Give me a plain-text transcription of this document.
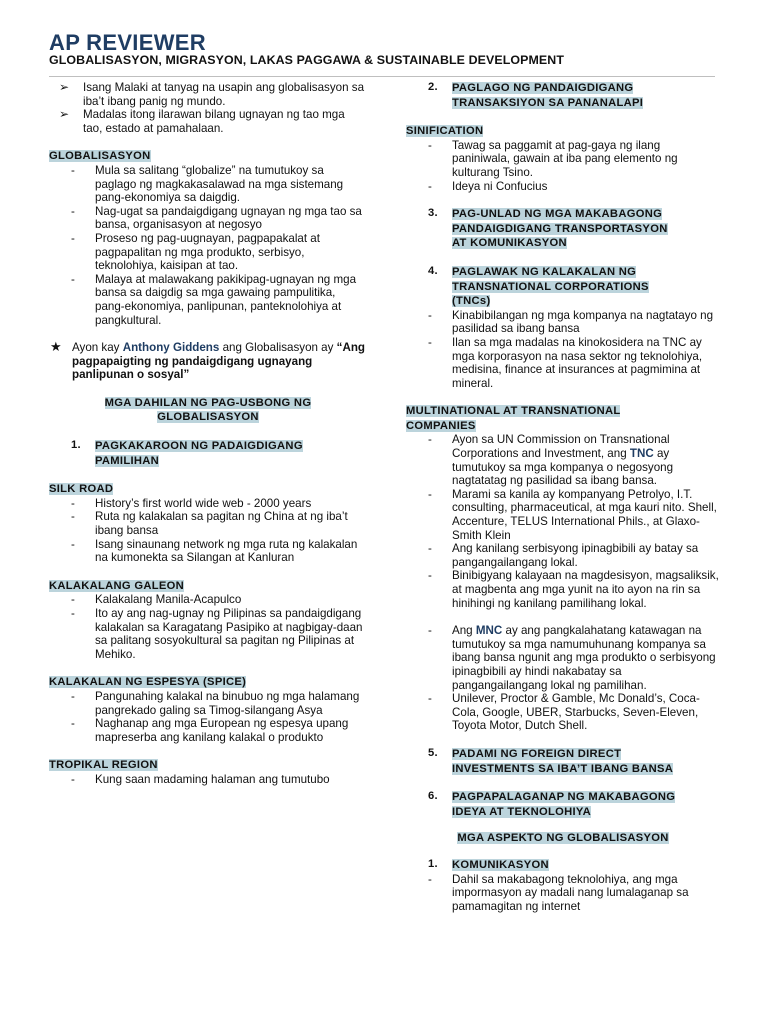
AP REVIEWER
GLOBALISASYON, MIGRASYON, LAKAS PAGGAWA & SUSTAINABLE DEVELOPMENT
➢ Isang Malaki at tanyag na usapin ang globalisasyon sa iba’t ibang panig ng mundo.
➢ Madalas itong ilarawan bilang ugnayan ng tao mga tao, estado at pamahalaan.
GLOBALISASYON
- Mula sa salitang “globalize” na tumutukoy sa paglago ng magkakasalawad na mga sistemang pang-ekonomiya sa daigdig.
- Nag-ugat sa pandaigdigang ugnayan ng mga tao sa bansa, organisasyon at negosyo
- Proseso ng pag-uugnayan, pagpapakalat at pagpapalitan ng mga produkto, serbisyo, teknolohiya, kaisipan at tao.
- Malaya at malawakang pakikipag-ugnayan ng mga bansa sa daigdig sa mga gawaing pampulitika, pang-ekonomiya, panlipunan, panteknolohiya at pangkultural.
★ Ayon kay Anthony Giddens ang Globalisasyon ay “Ang pagpapaigting ng pandaigdigang ugnayang panlipunan o sosyal”
MGA DAHILAN NG PAG-USBONG NG
GLOBALISASYON
1. PAGKAKAROON NG PADAIGDIGANG
PAMILIHAN
SILK ROAD
- History’s first world wide web - 2000 years
- Ruta ng kalakalan sa pagitan ng China at ng iba’t ibang bansa
- Isang sinaunang network ng mga ruta ng kalakalan na kumonekta sa Silangan at Kanluran
KALAKALANG GALEON
- Kalakalang Manila-Acapulco
- Ito ay ang nag-ugnay ng Pilipinas sa pandaigdigang kalakalan sa Karagatang Pasipiko at nagbigay-daan sa palitang sosyokultural sa pagitan ng Pilipinas at Mehiko.
KALAKALAN NG ESPESYA (SPICE)
- Pangunahing kalakal na binubuo ng mga halamang pangrekado galing sa Timog-silangang Asya
- Naghanap ang mga European ng espesya upang mapreserba ang kanilang kalakal o produkto
TROPIKAL REGION
- Kung saan madaming halaman ang tumutubo
2. PAGLAGO NG PANDAIGDIGANG
TRANSAKSIYON SA PANANALAPI
SINIFICATION
- Tawag sa paggamit at pag-gaya ng ilang paniniwala, gawain at iba pang elemento ng kulturang Tsino.
- Ideya ni Confucius
3. PAG-UNLAD NG MGA MAKABAGONG
PANDAIGDIGANG TRANSPORTASYON
AT KOMUNIKASYON
4. PAGLAWAK NG KALAKALAN NG
TRANSNATIONAL CORPORATIONS
(TNCs)
- Kinabibilangan ng mga kompanya na nagtatayo ng pasilidad sa ibang bansa
- Ilan sa mga madalas na kinokosidera na TNC ay mga korporasyon na nasa sektor ng teknolohiya, medisina, finance at insurances at pagmimina at mineral.
MULTINATIONAL AT TRANSNATIONAL
COMPANIES
- Ayon sa UN Commission on Transnational Corporations and Investment, ang TNC ay tumutukoy sa mga kompanya o negosyong nagtatatag ng pasilidad sa ibang bansa.
- Marami sa kanila ay kompanyang Petrolyo, I.T. consulting, pharmaceutical, at mga kauri nito. Shell, Accenture, TELUS International Phils., at Glaxo-Smith Klein
- Ang kanilang serbisyong ipinagbibili ay batay sa pangangailangang lokal.
- Binibigyang kalayaan na magdesisyon, magsaliksik, at magbenta ang mga yunit na ito ayon na rin sa hinihingi ng kanilang pamilihang lokal.
- Ang MNC ay ang pangkalahatang katawagan na tumutukoy sa mga namumuhunang kompanya sa ibang bansa ngunit ang mga produkto o serbisyong ipinagbibili ay hindi nakabatay sa pangangailangang lokal ng pamilihan.
- Unilever, Proctor & Gamble, Mc Donald’s, Coca-Cola, Google, UBER, Starbucks, Seven-Eleven, Toyota Motor, Dutch Shell.
5. PADAMI NG FOREIGN DIRECT
INVESTMENTS SA IBA’T IBANG BANSA
6. PAGPAPALAGANAP NG MAKABAGONG
IDEYA AT TEKNOLOHIYA
MGA ASPEKTO NG GLOBALISASYON
1. KOMUNIKASYON
- Dahil sa makabagong teknolohiya, ang mga impormasyon ay madali nang lumalaganap sa pamamagitan ng internet
